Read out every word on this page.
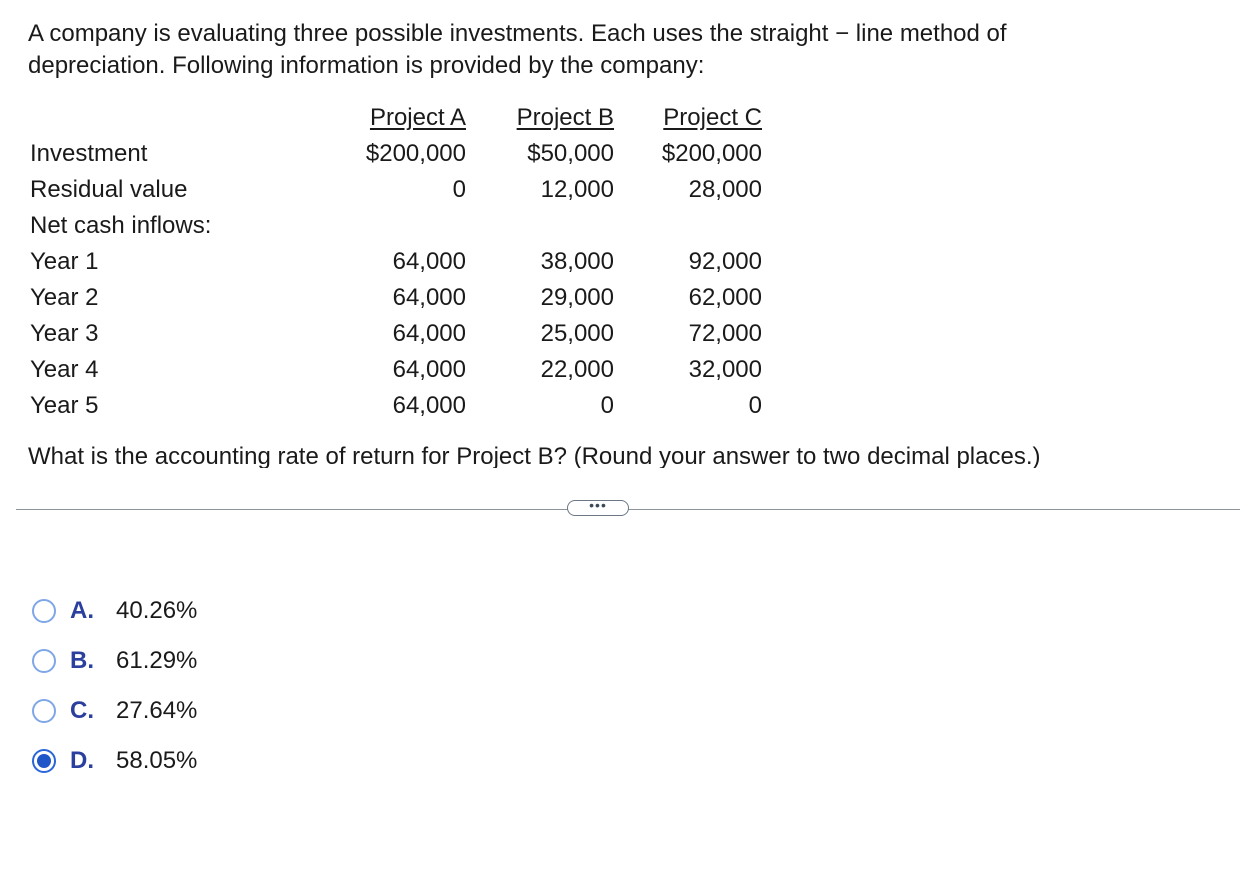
A company is evaluating three possible investments. Each uses the straight − line method of
depreciation. Following information is provided by the company:

	Project A	Project B	Project C
Investment	$200,000	$50,000	$200,000
Residual value	0	12,000	28,000
Net cash inflows:			
Year 1	64,000	38,000	92,000
Year 2	64,000	29,000	62,000
Year 3	64,000	25,000	72,000
Year 4	64,000	22,000	32,000
Year 5	64,000	0	0
What is the accounting rate of return for Project B? (Round your answer to two decimal places.)
•••
A. 40.26%
B. 61.29%
C. 27.64%
D. 58.05%
